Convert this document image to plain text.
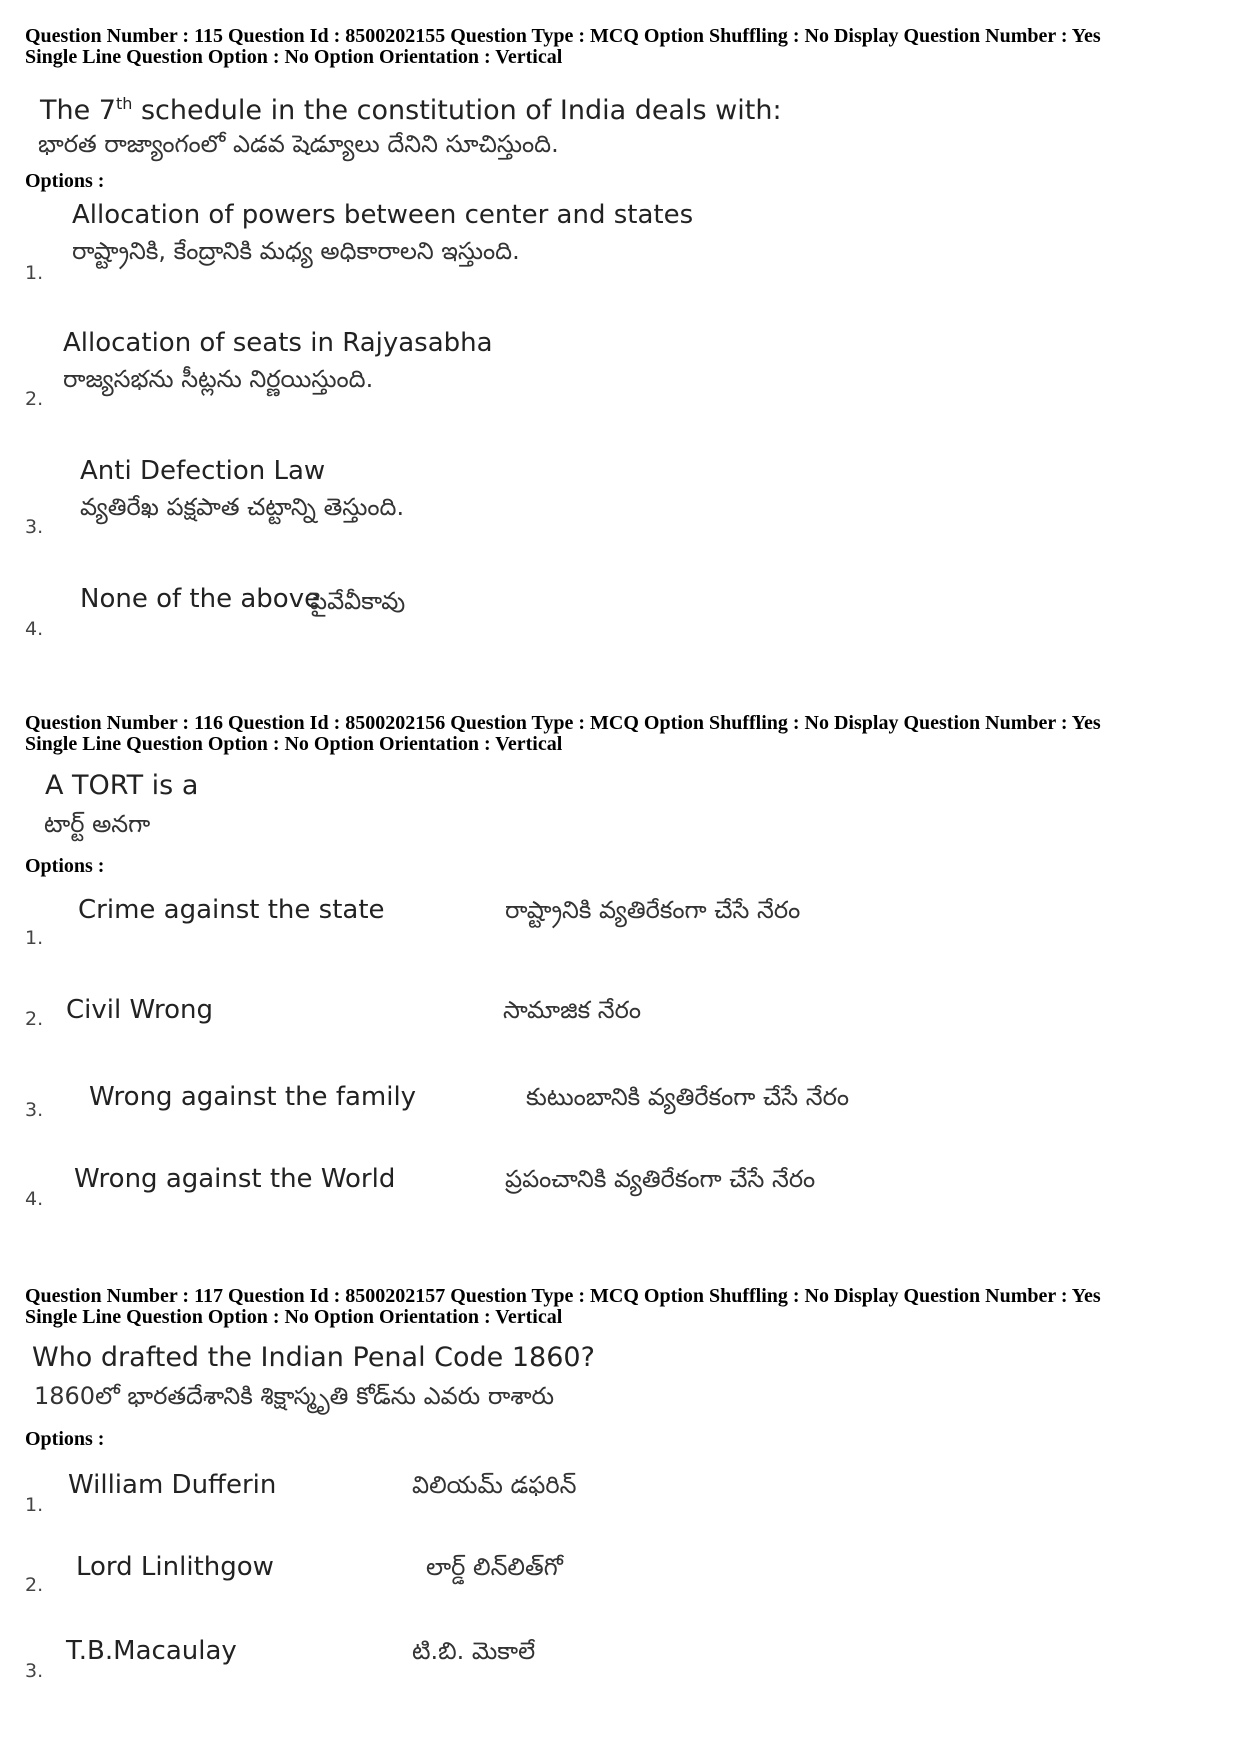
Question Number : 115 Question Id : 8500202155 Question Type : MCQ Option Shuffling : No Display Question Number : Yes
Single Line Question Option : No Option Orientation : Vertical
The 7th schedule in the constitution of India deals with:
భారత రాజ్యాంగంలో ఎడవ షెడ్యూలు దేనిని సూచిస్తుంది.
Options :
Allocation of powers between center and states
రాష్ట్రానికి, కేంద్రానికి మధ్య అధికారాలని ఇస్తుంది.
1.
Allocation of seats in Rajyasabha
రాజ్యసభను సీట్లను నిర్ణయిస్తుంది.
2.
Anti Defection Law
వ్యతిరేఖ పక్షపాత చట్టాన్ని తెస్తుంది.
3.
None of the above
పైవేవీకావు
4.
Question Number : 116 Question Id : 8500202156 Question Type : MCQ Option Shuffling : No Display Question Number : Yes
Single Line Question Option : No Option Orientation : Vertical
A TORT is a
టార్ట్ అనగా
Options :
Crime against the state	రాష్ట్రానికి వ్యతిరేకంగా చేసే నేరం
1.
Civil Wrong	సామాజిక నేరం
2.
Wrong against the family	కుటుంబానికి వ్యతిరేకంగా చేసే నేరం
3.
Wrong against the World	ప్రపంచానికి వ్యతిరేకంగా చేసే నేరం
4.
Question Number : 117 Question Id : 8500202157 Question Type : MCQ Option Shuffling : No Display Question Number : Yes
Single Line Question Option : No Option Orientation : Vertical
Who drafted the Indian Penal Code 1860?
1860లో భారతదేశానికి శిక్షాస్మృతి కోడ్‌ను ఎవరు రాశారు
Options :
William Dufferin	విలియమ్ డఫరిన్
1.
Lord Linlithgow	లార్డ్ లిన్‌లిత్‌గో
2.
T.B.Macaulay	టి.బి. మెకాలే
3.
